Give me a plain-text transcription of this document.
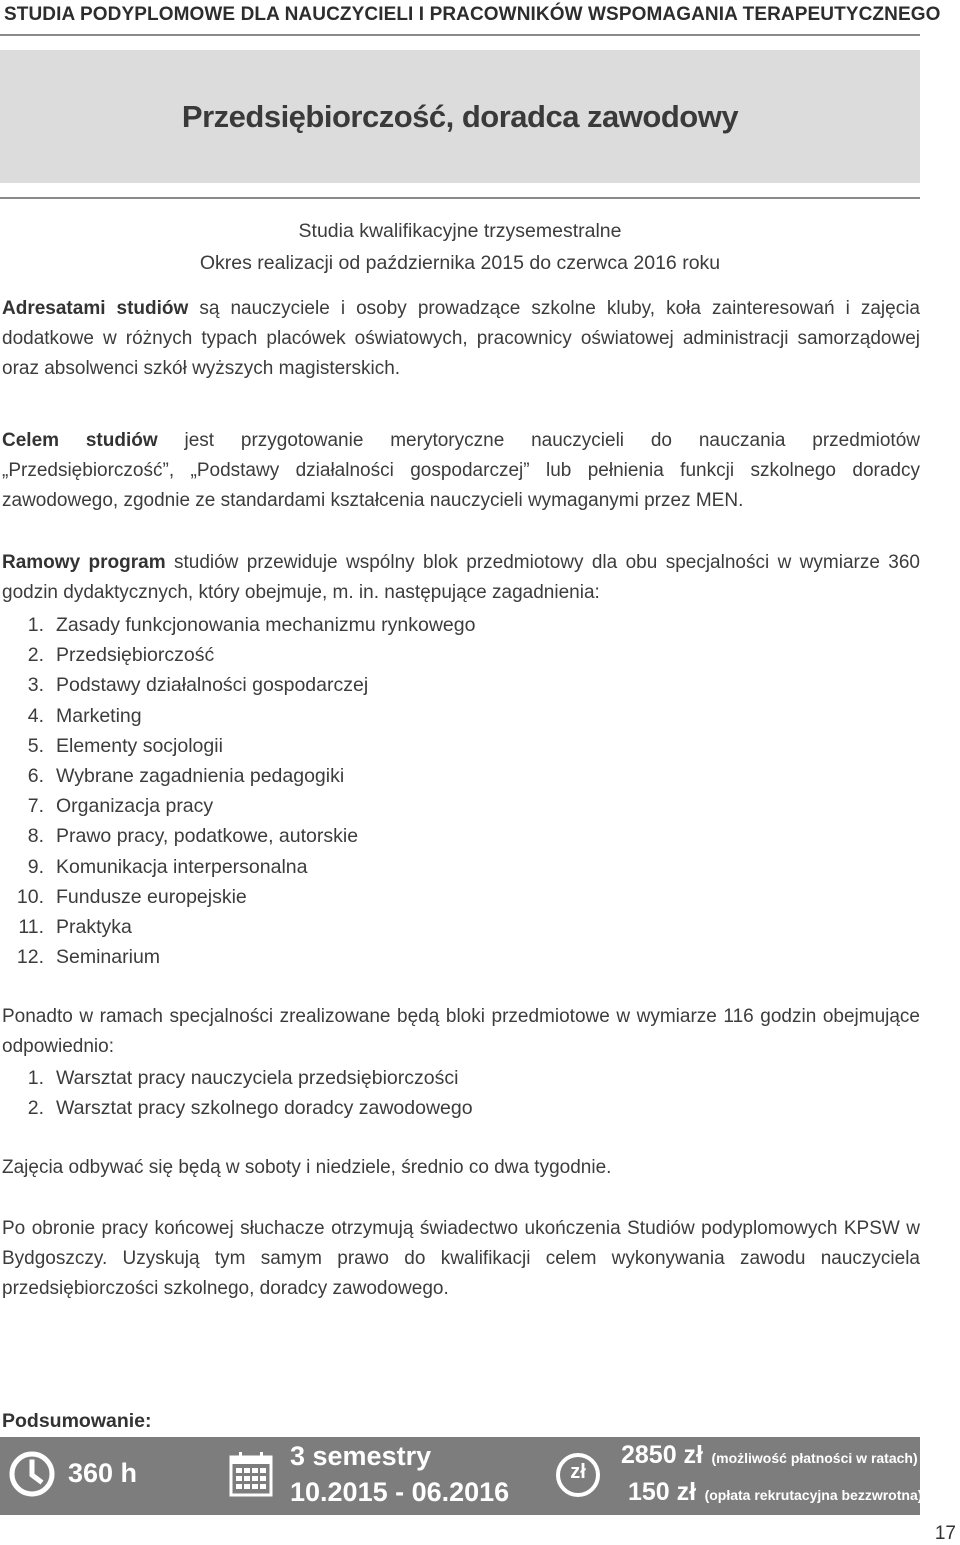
STUDIA PODYPLOMOWE DLA NAUCZYCIELI I PRACOWNIKÓW WSPOMAGANIA TERAPEUTYCZNEGO
Przedsiębiorczość, doradca zawodowy
Studia kwalifikacyjne trzysemestralne
Okres realizacji od października 2015 do czerwca 2016 roku

Adresatami studiów są nauczyciele i osoby prowadzące szkolne kluby, koła zainteresowań i zajęcia dodatkowe w różnych typach placówek oświatowych, pracownicy oświatowej administracji samorządowej oraz absolwenci szkół wyższych magisterskich.

Celem studiów jest przygotowanie merytoryczne nauczycieli do nauczania przedmiotów „Przedsiębiorczość”, „Podstawy działalności gospodarczej” lub pełnienia funkcji szkolnego doradcy zawodowego, zgodnie ze standardami kształcenia nauczycieli wymaganymi przez MEN.

Ramowy program studiów przewiduje wspólny blok przedmiotowy dla obu specjalności w wymiarze 360 godzin dydaktycznych, który obejmuje, m. in. następujące zagadnienia:

1. Zasady funkcjonowania mechanizmu rynkowego
2. Przedsiębiorczość
3. Podstawy działalności gospodarczej
4. Marketing
5. Elementy socjologii
6. Wybrane zagadnienia pedagogiki
7. Organizacja pracy
8. Prawo pracy, podatkowe, autorskie
9. Komunikacja interpersonalna
10. Fundusze europejskie
11. Praktyka
12. Seminarium

Ponadto w ramach specjalności zrealizowane będą bloki przedmiotowe w wymiarze 116 godzin obejmujące odpowiednio:

1. Warsztat pracy nauczyciela przedsiębiorczości
2. Warsztat pracy szkolnego doradcy zawodowego

Zajęcia odbywać się będą w soboty i niedziele, średnio co dwa tygodnie.

Po obronie pracy końcowej słuchacze otrzymują świadectwo ukończenia Studiów podyplomowych KPSW w Bydgoszczy. Uzyskują tym samym prawo do kwalifikacji celem wykonywania zawodu nauczyciela przedsiębiorczości szkolnego, doradcy zawodowego.

Podsumowanie:
360 h
3 semestry
10.2015 - 06.2016
zł
2850 zł (możliwość płatności w ratach)
150 zł (opłata rekrutacyjna bezzwrotna)
17
